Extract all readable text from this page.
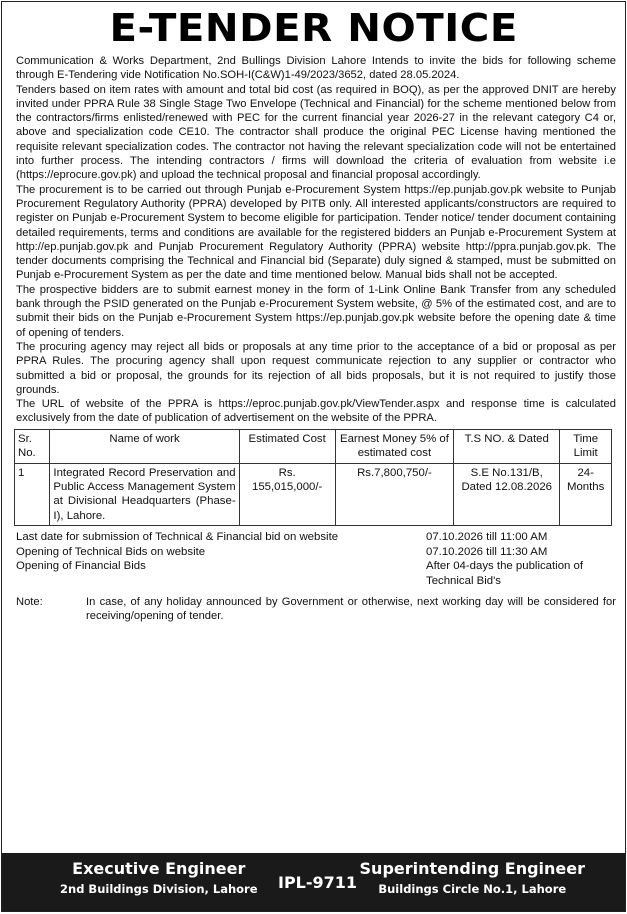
E-TENDER NOTICE

Communication & Works Department, 2nd Bullings Division Lahore Intends to invite the bids for following scheme through E-Tendering vide Notification No.SOH-I(C&W)1-49/2023/3652, dated 28.05.2024.

Tenders based on item rates with amount and total bid cost (as required in BOQ), as per the approved DNIT are hereby invited under PPRA Rule 38 Single Stage Two Envelope (Technical and Financial) for the scheme mentioned below from the contractors/firms enlisted/renewed with PEC for the current financial year 2026-27 in the relevant category C4 or, above and specialization code CE10. The contractor shall produce the original PEC License having mentioned the requisite relevant specialization codes. The contractor not having the relevant specialization code will not be entertained into further process. The intending contractors / firms will download the criteria of evaluation from website i.e (https://eprocure.gov.pk) and upload the technical proposal and financial proposal accordingly.

The procurement is to be carried out through Punjab e-Procurement System https://ep.punjab.gov.pk website to Punjab Procurement Regulatory Authority (PPRA) developed by PITB only. All interested applicants/constructors are required to register on Punjab e-Procurement System to become eligible for participation. Tender notice/ tender document containing detailed requirements, terms and conditions are available for the registered bidders an Punjab e-Procurement System at http://ep.punjab.gov.pk and Punjab Procurement Regulatory Authority (PPRA) website http://ppra.punjab.gov.pk. The tender documents comprising the Technical and Financial bid (Separate) duly signed & stamped, must be submitted on Punjab e-Procurement System as per the date and time mentioned below. Manual bids shall not be accepted.

The prospective bidders are to submit earnest money in the form of 1-Link Online Bank Transfer from any scheduled bank through the PSID generated on the Punjab e-Procurement System website, @ 5% of the estimated cost, and are to submit their bids on the Punjab e-Procurement System https://ep.punjab.gov.pk website before the opening date & time of opening of tenders.

The procuring agency may reject all bids or proposals at any time prior to the acceptance of a bid or proposal as per PPRA Rules. The procuring agency shall upon request communicate rejection to any supplier or contractor who submitted a bid or proposal, the grounds for its rejection of all bids proposals, but it is not required to justify those grounds.

The URL of website of the PPRA is https://eproc.punjab.gov.pk/ViewTender.aspx and response time is calculated exclusively from the date of publication of advertisement on the website of the PPRA.

Sr. No.	Name of work	Estimated Cost	Earnest Money 5% of estimated cost	T.S NO. & Dated	Time Limit
1	Integrated Record Preservation and Public Access Management System at Divisional Headquarters (Phase-I), Lahore.	Rs. 155,015,000/-	Rs.7,800,750/-	S.E No.131/B, Dated 12.08.2026	24-Months
Last date for submission of Technical & Financial bid on website	07.10.2026 till 11:00 AM
Opening of Technical Bids on website	07.10.2026 till 11:30 AM
Opening of Financial Bids	After 04-days the publication of Technical Bid's
Note:	In case, of any holiday announced by Government or otherwise, next working day will be considered for receiving/opening of tender.
Executive Engineer
2nd Buildings Division, Lahore IPL-9711
Superintending Engineer
Buildings Circle No.1, Lahore
